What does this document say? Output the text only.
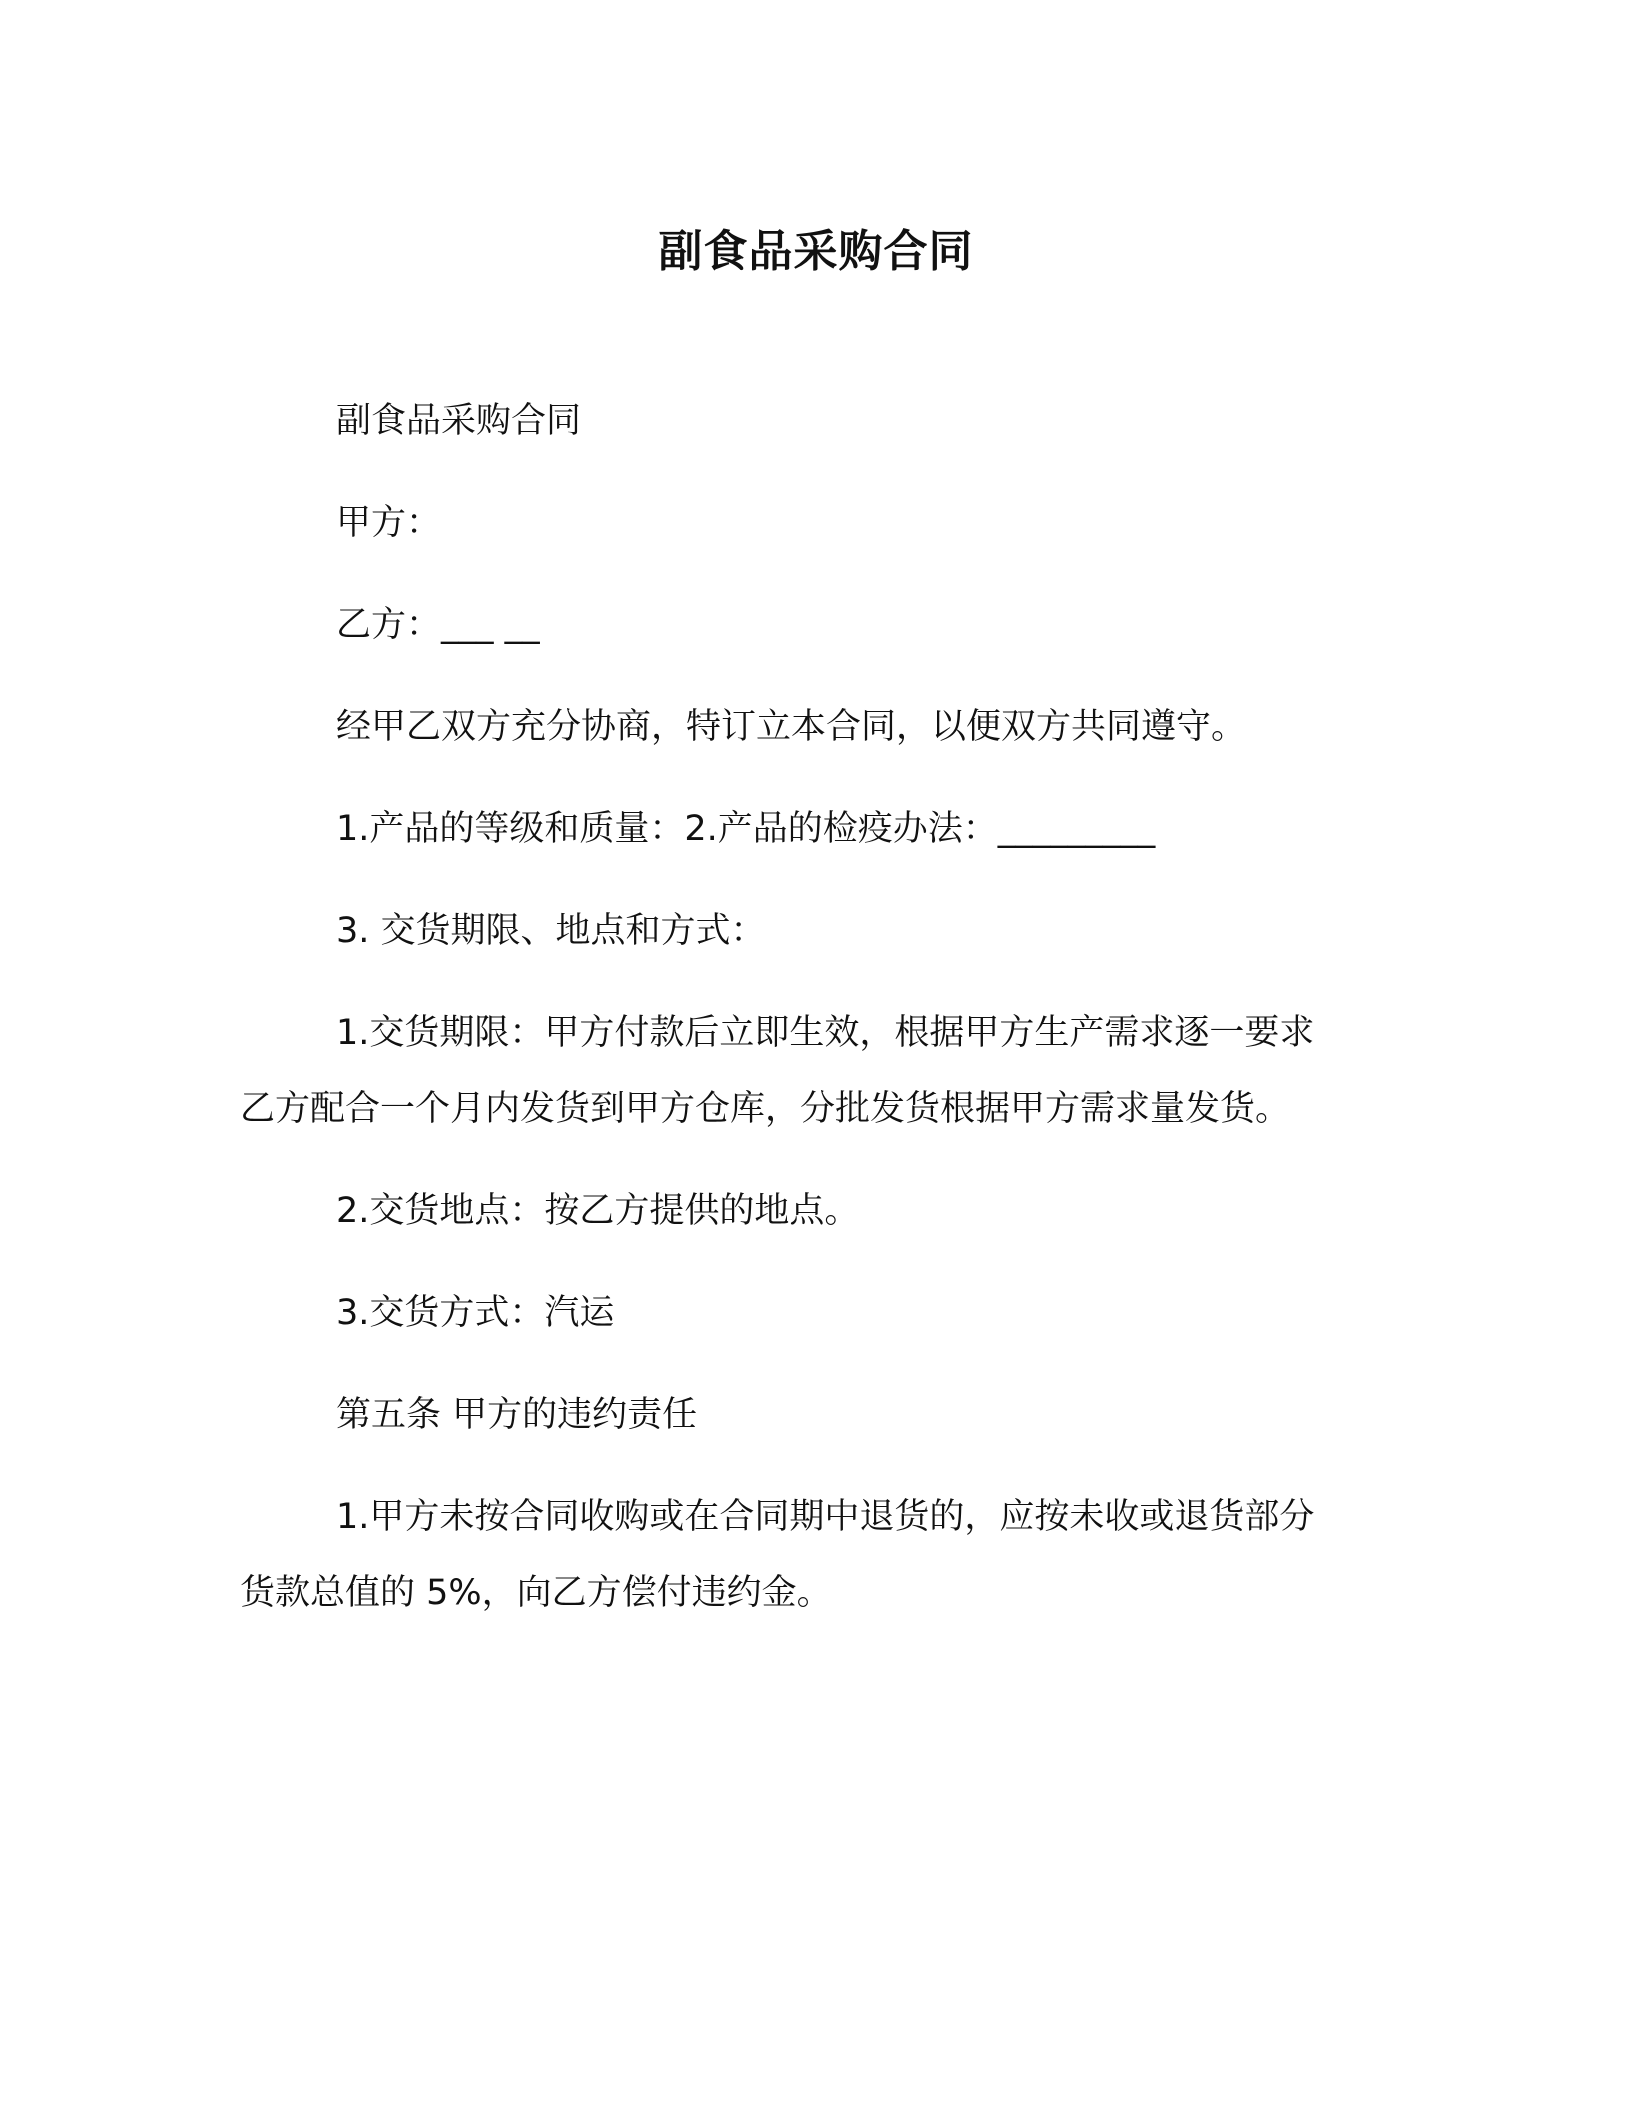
副食品采购合同
副食品采购合同
甲方：
乙方：___ __
经甲乙双方充分协商，特订立本合同，以便双方共同遵守。
1.产品的等级和质量：2.产品的检疫办法：_________
3. 交货期限、地点和方式：
1.交货期限：甲方付款后立即生效，根据甲方生产需求逐一要求
乙方配合一个月内发货到甲方仓库，分批发货根据甲方需求量发货。
2.交货地点：按乙方提供的地点。
3.交货方式：汽运
第五条 甲方的违约责任
1.甲方未按合同收购或在合同期中退货的，应按未收或退货部分
货款总值的 5%，向乙方偿付违约金。
